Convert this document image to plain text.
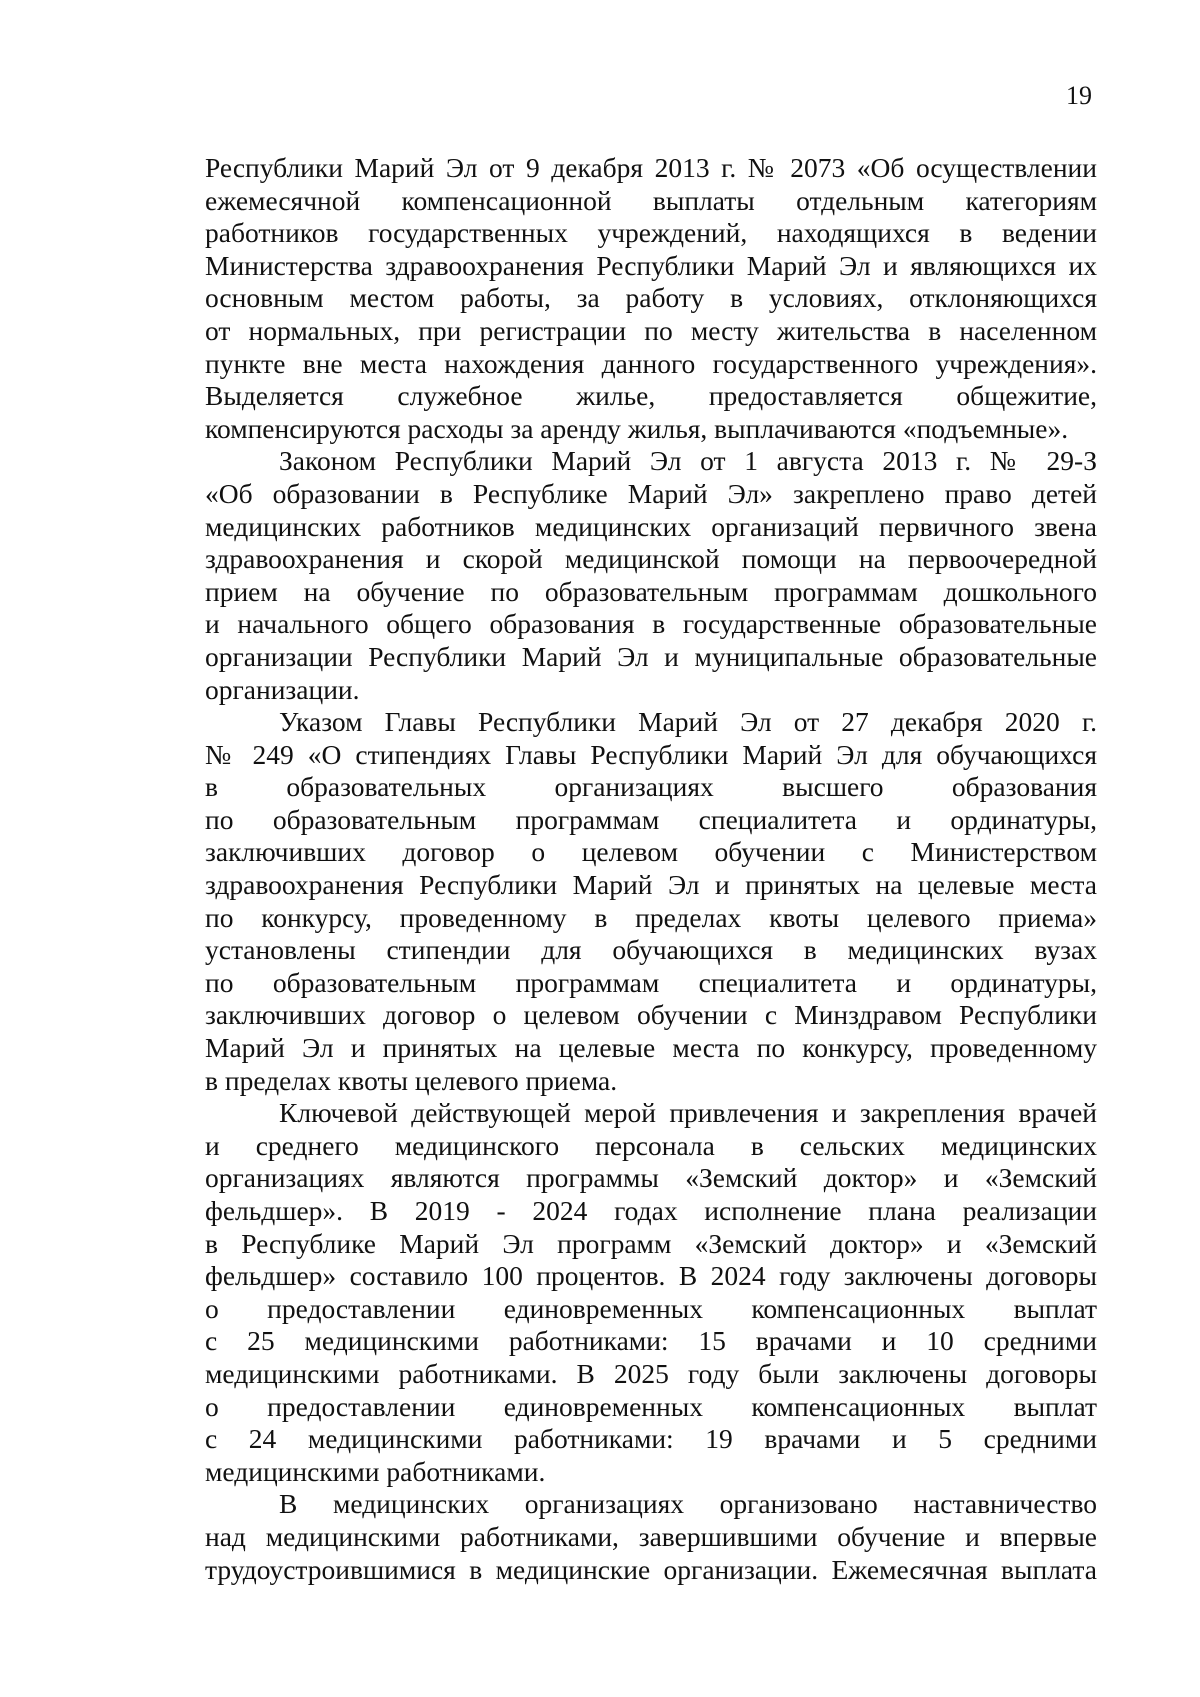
19
Республики Марий Эл от 9 декабря 2013 г. № 2073 «Об осуществлении
ежемесячной компенсационной выплаты отдельным категориям
работников государственных учреждений, находящихся в ведении
Министерства здравоохранения Республики Марий Эл и являющихся их
основным местом работы, за работу в условиях, отклоняющихся
от нормальных, при регистрации по месту жительства в населенном
пункте вне места нахождения данного государственного учреждения».
Выделяется служебное жилье, предоставляется общежитие,
компенсируются расходы за аренду жилья, выплачиваются «подъемные».
Законом Республики Марий Эл от 1 августа 2013 г. № 29-З
«Об образовании в Республике Марий Эл» закреплено право детей
медицинских работников медицинских организаций первичного звена
здравоохранения и скорой медицинской помощи на первоочередной
прием на обучение по образовательным программам дошкольного
и начального общего образования в государственные образовательные
организации Республики Марий Эл и муниципальные образовательные
организации.
Указом Главы Республики Марий Эл от 27 декабря 2020 г.
№ 249 «О стипендиях Главы Республики Марий Эл для обучающихся
в образовательных организациях высшего образования
по образовательным программам специалитета и ординатуры,
заключивших договор о целевом обучении с Министерством
здравоохранения Республики Марий Эл и принятых на целевые места
по конкурсу, проведенному в пределах квоты целевого приема»
установлены стипендии для обучающихся в медицинских вузах
по образовательным программам специалитета и ординатуры,
заключивших договор о целевом обучении с Минздравом Республики
Марий Эл и принятых на целевые места по конкурсу, проведенному
в пределах квоты целевого приема.
Ключевой действующей мерой привлечения и закрепления врачей
и среднего медицинского персонала в сельских медицинских
организациях являются программы «Земский доктор» и «Земский
фельдшер». В 2019 - 2024 годах исполнение плана реализации
в Республике Марий Эл программ «Земский доктор» и «Земский
фельдшер» составило 100 процентов. В 2024 году заключены договоры
о предоставлении единовременных компенсационных выплат
с 25 медицинскими работниками: 15 врачами и 10 средними
медицинскими работниками. В 2025 году были заключены договоры
о предоставлении единовременных компенсационных выплат
с 24 медицинскими работниками: 19 врачами и 5 средними
медицинскими работниками.
В медицинских организациях организовано наставничество
над медицинскими работниками, завершившими обучение и впервые
трудоустроившимися в медицинские организации. Ежемесячная выплата
